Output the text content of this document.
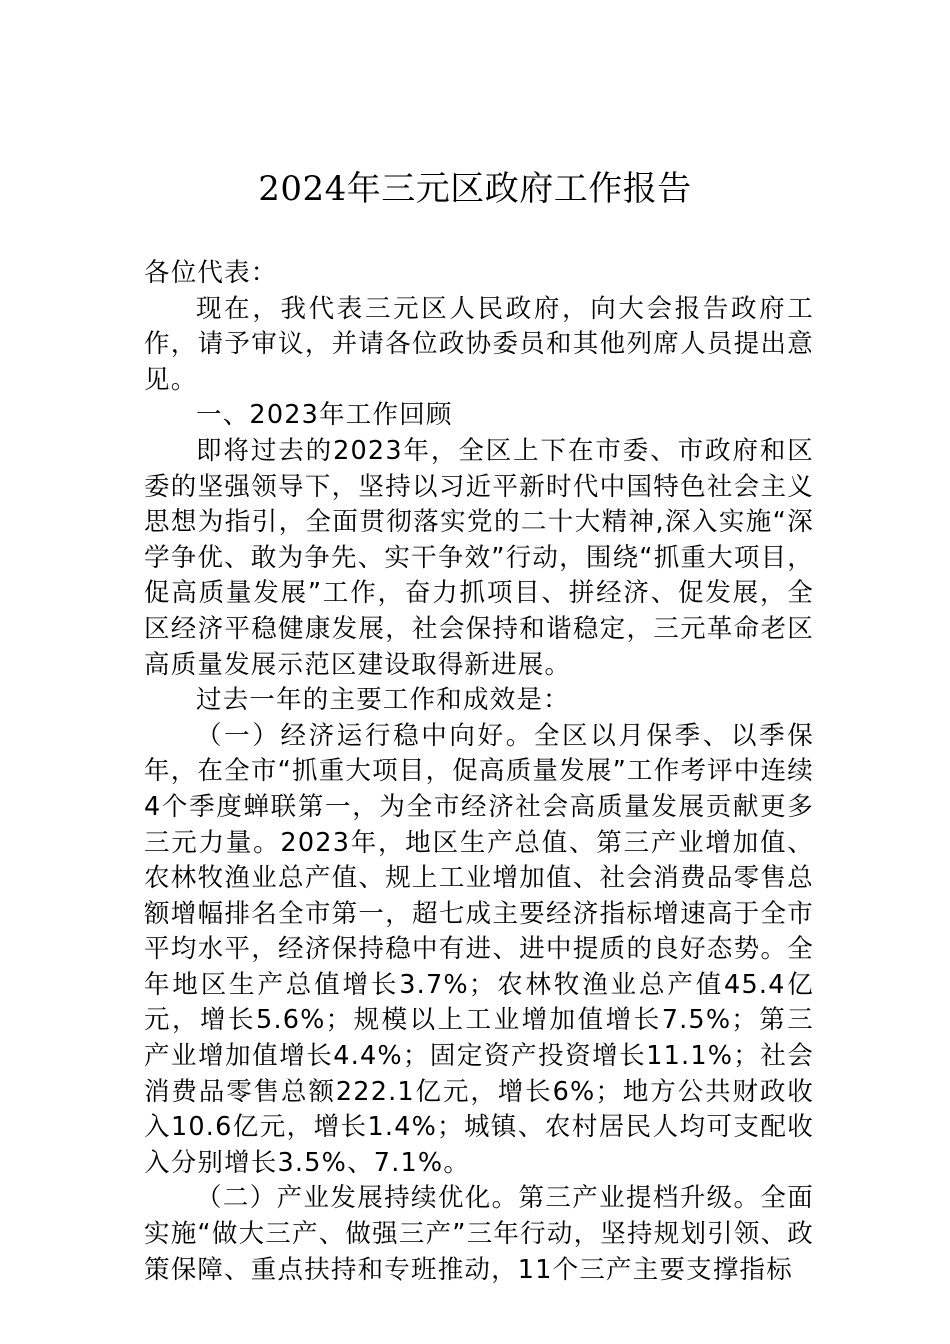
2024年三元区政府工作报告

各位代表：

现在，我代表三元区人民政府，向大会报告政府工作，请予审议，并请各位政协委员和其他列席人员提出意见。

一、2023年工作回顾

即将过去的2023年，全区上下在市委、市政府和区委的坚强领导下，坚持以习近平新时代中国特色社会主义思想为指引，全面贯彻落实党的二十大精神,深入实施“深学争优、敢为争先、实干争效”行动，围绕“抓重大项目，促高质量发展”工作，奋力抓项目、拼经济、促发展，全区经济平稳健康发展，社会保持和谐稳定，三元革命老区高质量发展示范区建设取得新进展。

过去一年的主要工作和成效是：

（一）经济运行稳中向好。全区以月保季、以季保年，在全市“抓重大项目，促高质量发展”工作考评中连续4个季度蝉联第一，为全市经济社会高质量发展贡献更多三元力量。2023年，地区生产总值、第三产业增加值、农林牧渔业总产值、规上工业增加值、社会消费品零售总额增幅排名全市第一，超七成主要经济指标增速高于全市平均水平，经济保持稳中有进、进中提质的良好态势。全年地区生产总值增长3.7%；农林牧渔业总产值45.4亿元，增长5.6%；规模以上工业增加值增长7.5%；第三产业增加值增长4.4%；固定资产投资增长11.1%；社会消费品零售总额222.1亿元，增长6%；地方公共财政收入10.6亿元，增长1.4%；城镇、农村居民人均可支配收入分别增长3.5%、7.1%。

（二）产业发展持续优化。第三产业提档升级。全面实施“做大三产、做强三产”三年行动，坚持规划引领、政策保障、重点扶持和专班推动，11个三产主要支撑指标
